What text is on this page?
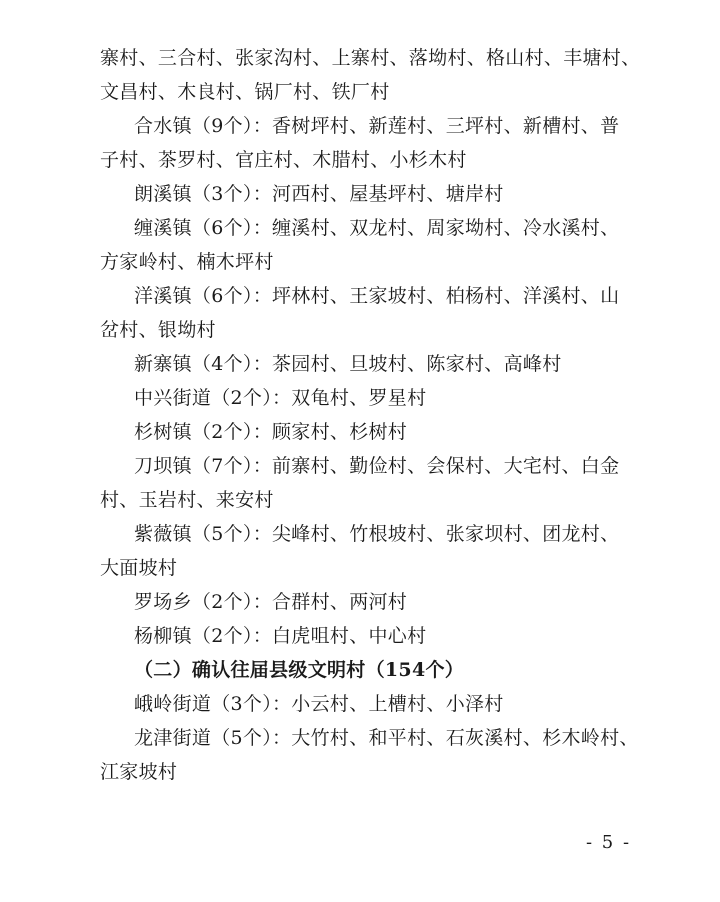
寨村、三合村、张家沟村、上寨村、落坳村、格山村、丰塘村、
文昌村、木良村、锅厂村、铁厂村
合水镇（9个）：香树坪村、新莲村、三坪村、新槽村、普
子村、茶罗村、官庄村、木腊村、小杉木村
朗溪镇（3个）：河西村、屋基坪村、塘岸村
缠溪镇（6个）：缠溪村、双龙村、周家坳村、冷水溪村、
方家岭村、楠木坪村
洋溪镇（6个）：坪林村、王家坡村、柏杨村、洋溪村、山
岔村、银坳村
新寨镇（4个）：茶园村、旦坡村、陈家村、高峰村
中兴街道（2个）：双龟村、罗星村
杉树镇（2个）：顾家村、杉树村
刀坝镇（7个）：前寨村、勤俭村、会保村、大宅村、白金
村、玉岩村、来安村
紫薇镇（5个）：尖峰村、竹根坡村、张家坝村、团龙村、
大面坡村
罗场乡（2个）：合群村、两河村
杨柳镇（2个）：白虎咀村、中心村
（二）确认往届县级文明村（154个）
峨岭街道（3个）：小云村、上槽村、小泽村
龙津街道（5个）：大竹村、和平村、石灰溪村、杉木岭村、
江家坡村
- 5 -
